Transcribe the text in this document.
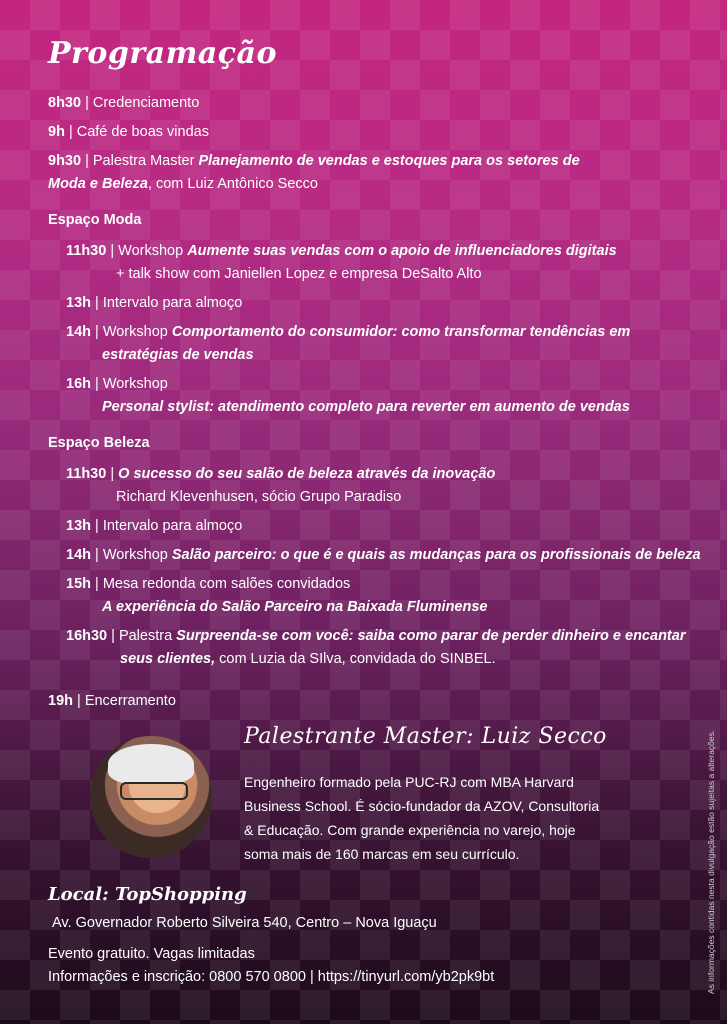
Programação
8h30 | Credenciamento
9h | Café de boas vindas
9h30 | Palestra Master Planejamento de vendas e estoques para os setores de
Moda e Beleza, com Luiz Antônico Secco
Espaço Moda
11h30 | Workshop Aumente suas vendas com o apoio de influenciadores digitais
+ talk show com Janiellen Lopez e empresa DeSalto Alto
13h | Intervalo para almoço
14h | Workshop Comportamento do consumidor: como transformar tendências em
estratégias de vendas
16h | Workshop
Personal stylist: atendimento completo para reverter em aumento de vendas
Espaço Beleza
11h30 | O sucesso do seu salão de beleza através da inovação
Richard Klevenhusen, sócio Grupo Paradiso
13h | Intervalo para almoço
14h | Workshop Salão parceiro: o que é e quais as mudanças para os profissionais de beleza
15h | Mesa redonda com salões convidados
A experiência do Salão Parceiro na Baixada Fluminense
16h30 | Palestra Surpreenda-se com você: saiba como parar de perder dinheiro e encantar
seus clientes, com Luzia da SIlva, convidada do SINBEL.
19h | Encerramento
Palestrante Master: Luiz Secco
Engenheiro formado pela PUC-RJ com MBA Harvard
Business School. É sócio-fundador da AZOV, Consultoria
& Educação. Com grande experiência no varejo, hoje
soma mais de 160 marcas em seu currículo.
Local: TopShopping
Av. Governador Roberto Silveira 540, Centro – Nova Iguaçu
Evento gratuito. Vagas limitadas
Informações e inscrição: 0800 570 0800 | https://tinyurl.com/yb2pk9bt	As informações contidas nesta divulgação estão sujeitas a alterações.
